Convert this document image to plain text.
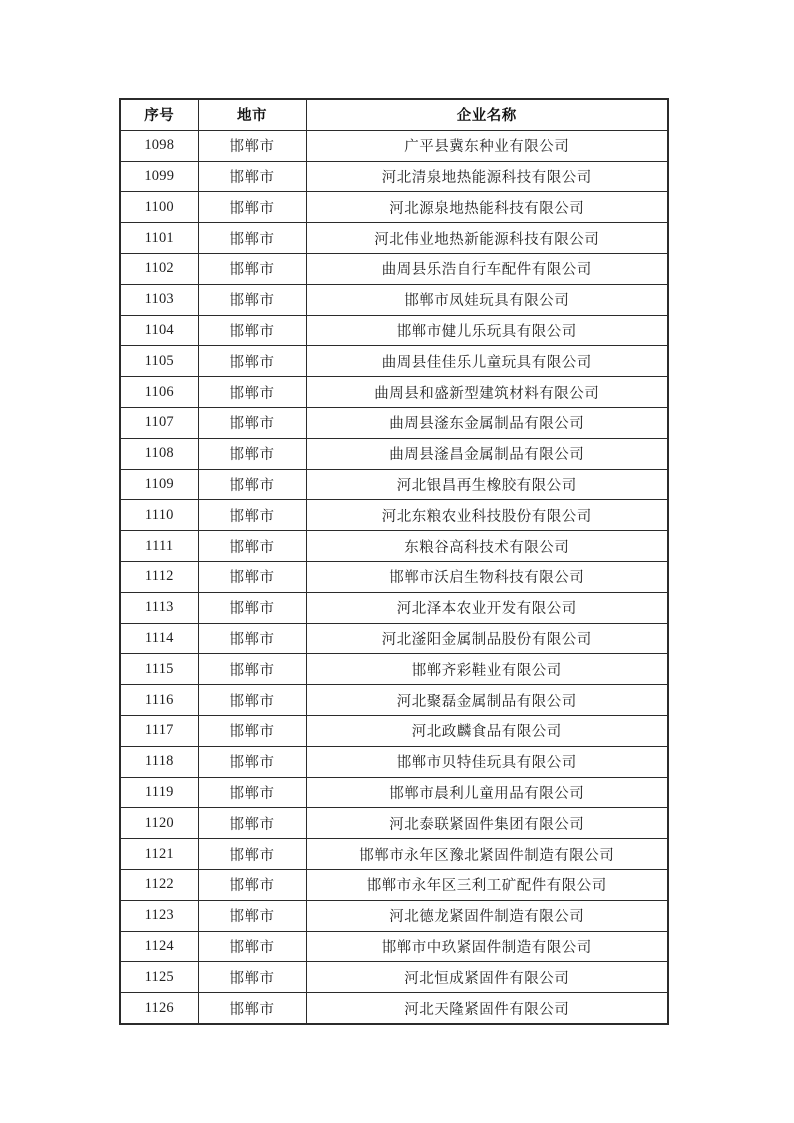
序号	地市	企业名称
1098	邯郸市	广平县冀东种业有限公司
1099	邯郸市	河北清泉地热能源科技有限公司
1100	邯郸市	河北源泉地热能科技有限公司
1101	邯郸市	河北伟业地热新能源科技有限公司
1102	邯郸市	曲周县乐浩自行车配件有限公司
1103	邯郸市	邯郸市凤娃玩具有限公司
1104	邯郸市	邯郸市健儿乐玩具有限公司
1105	邯郸市	曲周县佳佳乐儿童玩具有限公司
1106	邯郸市	曲周县和盛新型建筑材料有限公司
1107	邯郸市	曲周县滏东金属制品有限公司
1108	邯郸市	曲周县滏昌金属制品有限公司
1109	邯郸市	河北银昌再生橡胶有限公司
1110	邯郸市	河北东粮农业科技股份有限公司
1111	邯郸市	东粮谷高科技术有限公司
1112	邯郸市	邯郸市沃启生物科技有限公司
1113	邯郸市	河北泽本农业开发有限公司
1114	邯郸市	河北滏阳金属制品股份有限公司
1115	邯郸市	邯郸齐彩鞋业有限公司
1116	邯郸市	河北聚磊金属制品有限公司
1117	邯郸市	河北政麟食品有限公司
1118	邯郸市	邯郸市贝特佳玩具有限公司
1119	邯郸市	邯郸市晨利儿童用品有限公司
1120	邯郸市	河北泰联紧固件集团有限公司
1121	邯郸市	邯郸市永年区豫北紧固件制造有限公司
1122	邯郸市	邯郸市永年区三利工矿配件有限公司
1123	邯郸市	河北德龙紧固件制造有限公司
1124	邯郸市	邯郸市中玖紧固件制造有限公司
1125	邯郸市	河北恒成紧固件有限公司
1126	邯郸市	河北天隆紧固件有限公司
